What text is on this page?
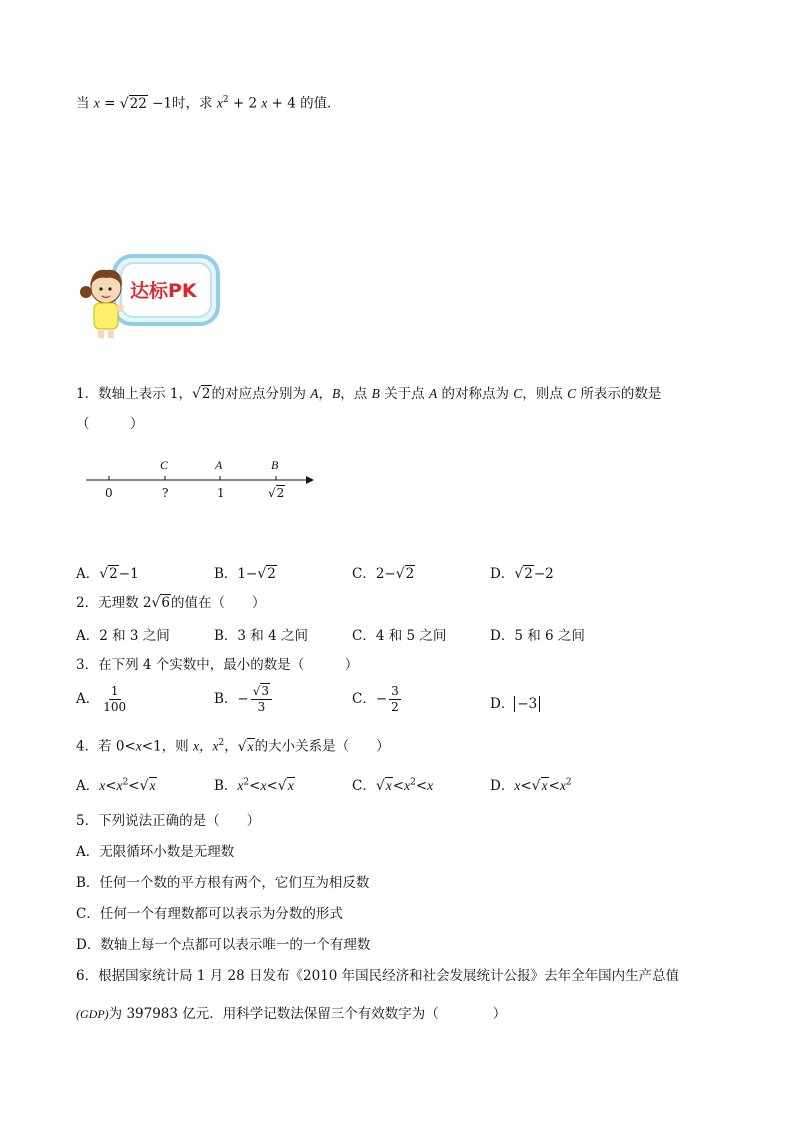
当 x = √22 −1时，求 $x^2 + 2$ x + 4 的值．
达标PK
1．数轴上表示 1，√2的对应点分别为 A，B，点 B 关于点 A 的对称点为 C，则点 C 所表示的数是
（　　　）
C	A	B
0	?	1	√2
A．√2−1	B．1−√2	C．2−√2	D．√2−2
2．无理数 2√6的值在（　　）
A．2 和 3 之间	B．3 和 4 之间	C．4 和 5 之间	D．5 和 6 之间
3．在下列 4 个实数中，最小的数是（　　　）
A． $\frac{1}{100}$	B．− $\frac{√3}{3}$	C．− $\frac{3}{2}$	D． −3
4．若 0<x<1，则 x，$x^2$，√x的大小关系是（　　）
A．$x<x^2<√x$	B．$x^2<x<√x$	C．$√x<x^2<x$	D．$x<√x<x^2$
5．下列说法正确的是（　　）
A．无限循环小数是无理数
B．任何一个数的平方根有两个，它们互为相反数
C．任何一个有理数都可以表示为分数的形式
D．数轴上每一个点都可以表示唯一的一个有理数
6．根据国家统计局 1 月 28 日发布《2010 年国民经济和社会发展统计公报》去年全年国内生产总值
(GDP)为 397983 亿元．用科学记数法保留三个有效数字为（　　　　）
